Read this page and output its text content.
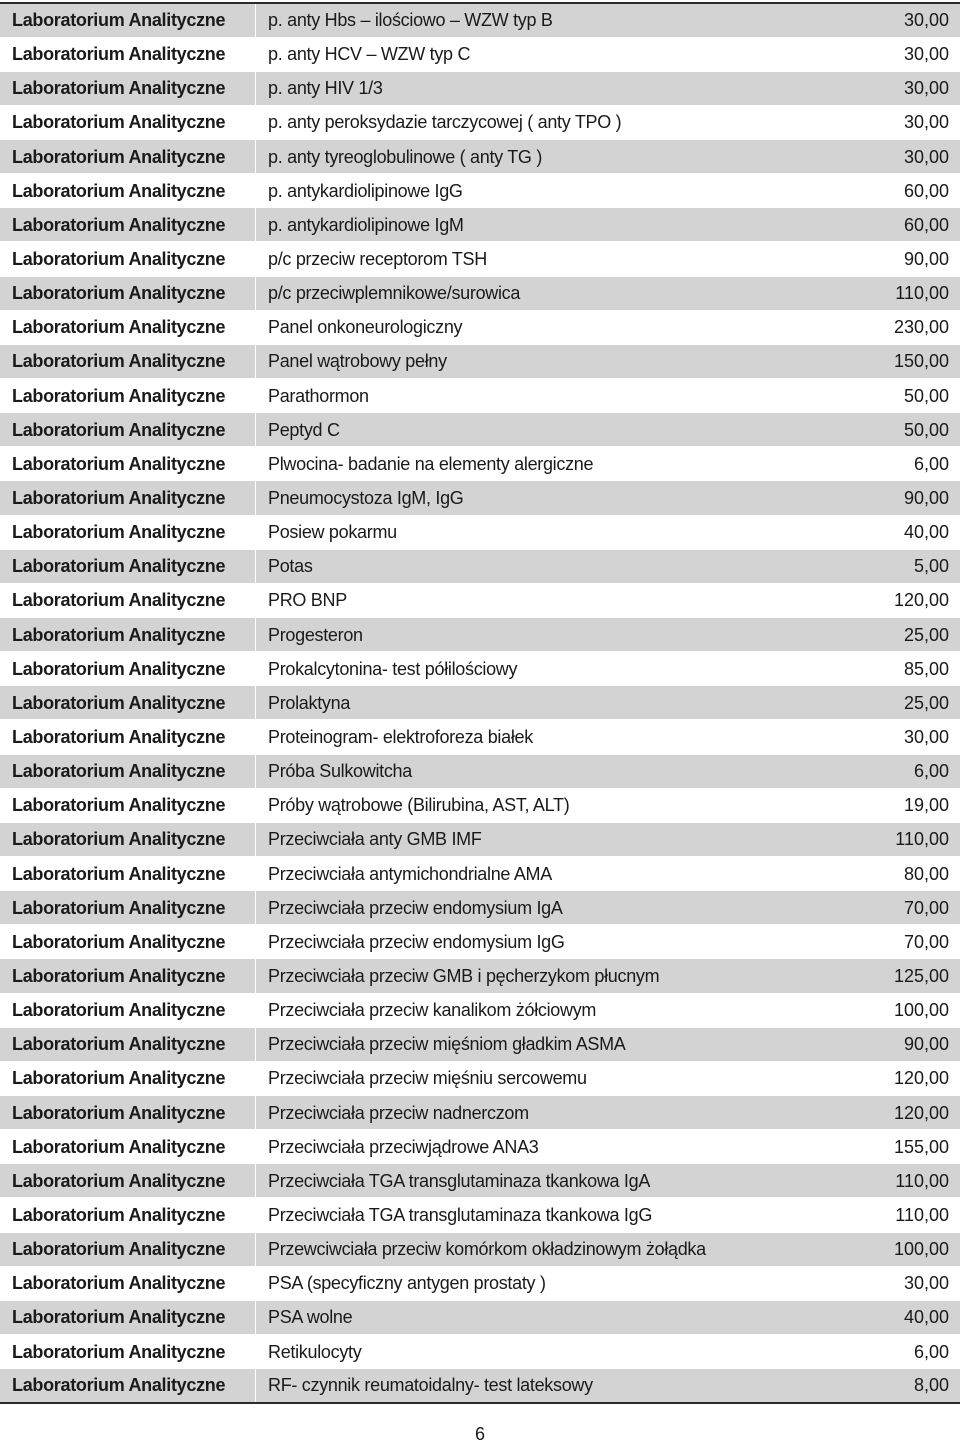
Laboratorium Analityczne	p. anty Hbs – ilościowo – WZW typ B	30,00
Laboratorium Analityczne	p. anty HCV – WZW typ C	30,00
Laboratorium Analityczne	p. anty HIV 1/3	30,00
Laboratorium Analityczne	p. anty peroksydazie tarczycowej ( anty TPO )	30,00
Laboratorium Analityczne	p. anty tyreoglobulinowe ( anty TG )	30,00
Laboratorium Analityczne	p. antykardiolipinowe IgG	60,00
Laboratorium Analityczne	p. antykardiolipinowe IgM	60,00
Laboratorium Analityczne	p/c przeciw receptorom TSH	90,00
Laboratorium Analityczne	p/c przeciwplemnikowe/surowica	110,00
Laboratorium Analityczne	Panel onkoneurologiczny	230,00
Laboratorium Analityczne	Panel wątrobowy pełny	150,00
Laboratorium Analityczne	Parathormon	50,00
Laboratorium Analityczne	Peptyd C	50,00
Laboratorium Analityczne	Plwocina- badanie na elementy alergiczne	6,00
Laboratorium Analityczne	Pneumocystoza IgM, IgG	90,00
Laboratorium Analityczne	Posiew pokarmu	40,00
Laboratorium Analityczne	Potas	5,00
Laboratorium Analityczne	PRO BNP	120,00
Laboratorium Analityczne	Progesteron	25,00
Laboratorium Analityczne	Prokalcytonina- test półilościowy	85,00
Laboratorium Analityczne	Prolaktyna	25,00
Laboratorium Analityczne	Proteinogram- elektroforeza białek	30,00
Laboratorium Analityczne	Próba Sulkowitcha	6,00
Laboratorium Analityczne	Próby wątrobowe (Bilirubina, AST, ALT)	19,00
Laboratorium Analityczne	Przeciwciała anty GMB IMF	110,00
Laboratorium Analityczne	Przeciwciała antymichondrialne AMA	80,00
Laboratorium Analityczne	Przeciwciała przeciw endomysium IgA	70,00
Laboratorium Analityczne	Przeciwciała przeciw endomysium IgG	70,00
Laboratorium Analityczne	Przeciwciała przeciw GMB i pęcherzykom płucnym	125,00
Laboratorium Analityczne	Przeciwciała przeciw kanalikom żółciowym	100,00
Laboratorium Analityczne	Przeciwciała przeciw mięśniom gładkim ASMA	90,00
Laboratorium Analityczne	Przeciwciała przeciw mięśniu sercowemu	120,00
Laboratorium Analityczne	Przeciwciała przeciw nadnerczom	120,00
Laboratorium Analityczne	Przeciwciała przeciwjądrowe ANA3	155,00
Laboratorium Analityczne	Przeciwciała TGA transglutaminaza tkankowa IgA	110,00
Laboratorium Analityczne	Przeciwciała TGA transglutaminaza tkankowa IgG	110,00
Laboratorium Analityczne	Przewciwciała przeciw komórkom okładzinowym żołądka	100,00
Laboratorium Analityczne	PSA (specyficzny antygen prostaty )	30,00
Laboratorium Analityczne	PSA wolne	40,00
Laboratorium Analityczne	Retikulocyty	6,00
Laboratorium Analityczne	RF- czynnik reumatoidalny- test lateksowy	8,00
6
